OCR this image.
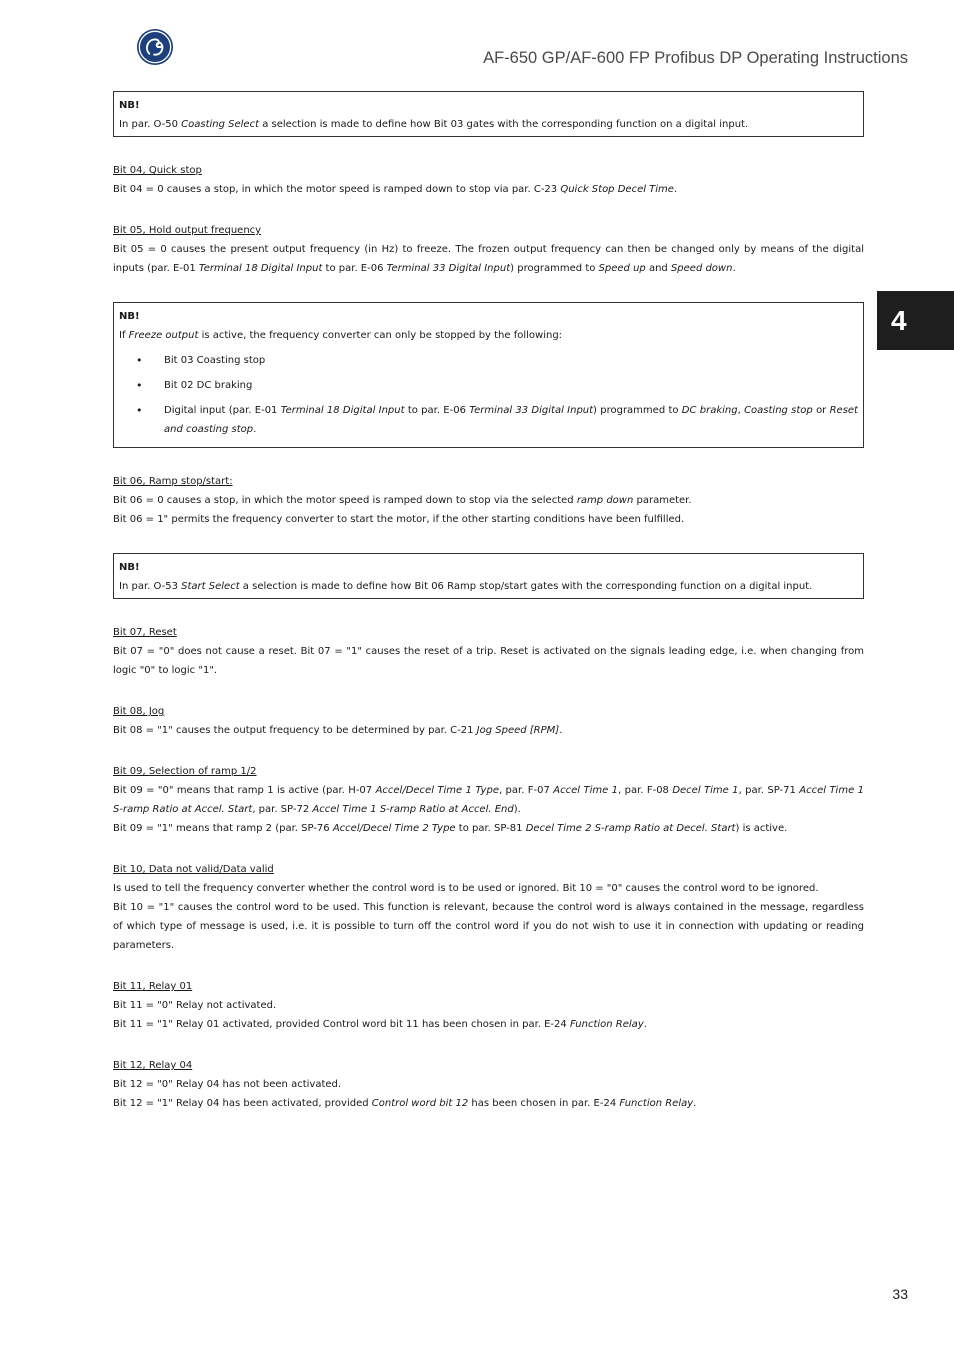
AF-650 GP/AF-600 FP Profibus DP Operating Instructions
4
NB!

In par. O-50 Coasting Select a selection is made to define how Bit 03 gates with the corresponding function on a digital input.

Bit 04, Quick stop

Bit 04 = 0 causes a stop, in which the motor speed is ramped down to stop via par. C-23 Quick Stop Decel Time.

Bit 05, Hold output frequency

Bit 05 = 0 causes the present output frequency (in Hz) to freeze. The frozen output frequency can then be changed only by means of the digital inputs (par. E-01 Terminal 18 Digital Input to par. E-06 Terminal 33 Digital Input) programmed to Speed up and Speed down.

NB!

If Freeze output is active, the frequency converter can only be stopped by the following:

• Bit 03 Coasting stop
• Bit 02 DC braking
• Digital input (par. E-01 Terminal 18 Digital Input to par. E-06 Terminal 33 Digital Input) programmed to DC braking, Coasting stop or Reset and coasting stop.
Bit 06, Ramp stop/start:

Bit 06 = 0 causes a stop, in which the motor speed is ramped down to stop via the selected ramp down parameter.

Bit 06 = 1" permits the frequency converter to start the motor, if the other starting conditions have been fulfilled.

NB!

In par. O-53 Start Select a selection is made to define how Bit 06 Ramp stop/start gates with the corresponding function on a digital input.

Bit 07, Reset

Bit 07 = "0" does not cause a reset. Bit 07 = "1" causes the reset of a trip. Reset is activated on the signals leading edge, i.e. when changing from logic "0" to logic "1".

Bit 08, Jog

Bit 08 = "1" causes the output frequency to be determined by par. C-21 Jog Speed [RPM].

Bit 09, Selection of ramp 1/2

Bit 09 = "0" means that ramp 1 is active (par. H-07 Accel/Decel Time 1 Type, par. F-07 Accel Time 1, par. F-08 Decel Time 1, par. SP-71 Accel Time 1 S-ramp Ratio at Accel. Start, par. SP-72 Accel Time 1 S-ramp Ratio at Accel. End).

Bit 09 = "1" means that ramp 2 (par. SP-76 Accel/Decel Time 2 Type to par. SP-81 Decel Time 2 S-ramp Ratio at Decel. Start) is active.

Bit 10, Data not valid/Data valid

Is used to tell the frequency converter whether the control word is to be used or ignored. Bit 10 = "0" causes the control word to be ignored.

Bit 10 = "1" causes the control word to be used. This function is relevant, because the control word is always contained in the message, regardless of which type of message is used, i.e. it is possible to turn off the control word if you do not wish to use it in connection with updating or reading parameters.

Bit 11, Relay 01

Bit 11 = "0" Relay not activated.

Bit 11 = "1" Relay 01 activated, provided Control word bit 11 has been chosen in par. E-24 Function Relay.

Bit 12, Relay 04

Bit 12 = "0" Relay 04 has not been activated.

Bit 12 = "1" Relay 04 has been activated, provided Control word bit 12 has been chosen in par. E-24 Function Relay.

33
